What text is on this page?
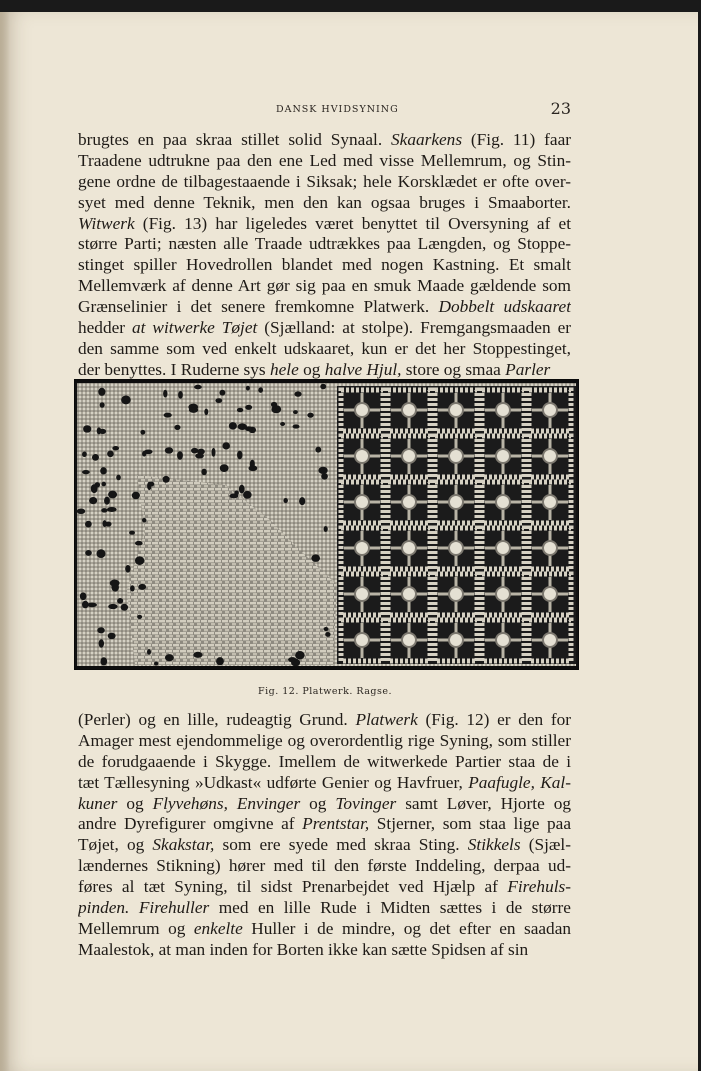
DANSK HVIDSYNING	23
brugtes en paa skraa stillet solid Synaal. Skaarkens (Fig. 11) faar
Traadene udtrukne paa den ene Led med visse Mellemrum, og Stin-
gene ordne de tilbagestaaende i Siksak; hele Korsklædet er ofte over-
syet med denne Teknik, men den kan ogsaa bruges i Smaaborter.
Witwerk (Fig. 13) har ligeledes været benyttet til Oversyning af et
større Parti; næsten alle Traade udtrækkes paa Længden, og Stoppe-
stinget spiller Hovedrollen blandet med nogen Kastning. Et smalt
Mellemværk af denne Art gør sig paa en smuk Maade gældende som
Grænselinier i det senere fremkomne Platwerk. Dobbelt udskaaret
hedder at witwerke Tøjet (Sjælland: at stolpe). Fremgangsmaaden er
den samme som ved enkelt udskaaret, kun er det her Stoppestinget,
der benyttes. I Ruderne sys hele og halve Hjul, store og smaa Parler
Fig. 12. Platwerk. Ragse.
(Perler) og en lille, rudeagtig Grund. Platwerk (Fig. 12) er den for
Amager mest ejendommelige og overordentlig rige Syning, som stiller
de forudgaaende i Skygge. Imellem de witwerkede Partier staa de i
tæt Tællesyning »Udkast« udførte Genier og Havfruer, Paafugle, Kal-
kuner og Flyvehøns, Envinger og Tovinger samt Løver, Hjorte og
andre Dyrefigurer omgivne af Prentstar, Stjerner, som staa lige paa
Tøjet, og Skakstar, som ere syede med skraa Sting. Stikkels (Sjæl-
lændernes Stikning) hører med til den første Inddeling, derpaa ud-
føres al tæt Syning, til sidst Prenarbejdet ved Hjælp af Firehuls-
pinden. Firehuller med en lille Rude i Midten sættes i de større
Mellemrum og enkelte Huller i de mindre, og det efter en saadan
Maalestok, at man inden for Borten ikke kan sætte Spidsen af sin
